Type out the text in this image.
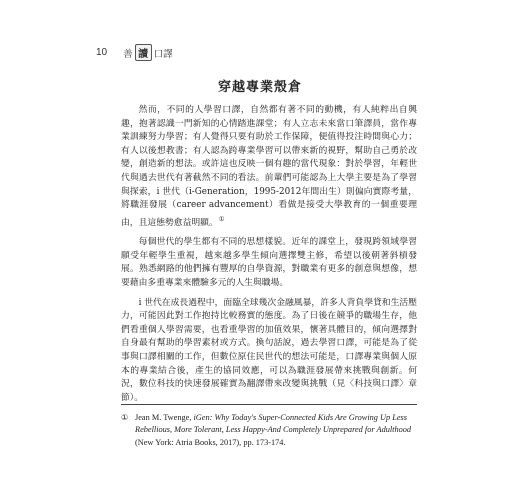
10 善 讀 口譯
穿越專業殼倉

然而，不同的人學習口譯，自然都有著不同的動機，有人純粹出自興趣，抱著認識一門新知的心情踏進課堂；有人立志未來當口筆譯員，當作專業訓練努力學習；有人覺得只要有助於工作保障，便值得投注時間與心力；有人以後想教書；有人認為跨專業學習可以帶來新的視野，幫助自己勇於改變，創造新的想法。或許這也反映一個有趣的當代現象：對於學習，年輕世代與過去世代有著截然不同的看法。前輩們可能認為上大學主要是為了學習與探索，i 世代（i-Generation，1995-2012年間出生）則偏向實際考量，將職涯發展（career advancement）看做是接受大學教育的一個重要理由，且這態勢愈益明顯。①

每個世代的學生都有不同的思想樣貌。近年的課堂上，發現跨領域學習願受年輕學生重視，越來越多學生傾向選擇雙主修，希望以後朝著斜槓發展。熟悉網路的他們擁有豐厚的自學資源，對職業有更多的創意與想像，想要藉由多重專業來體驗多元的人生與職場。

i 世代在成長過程中，面臨全球幾次金融風暴，許多人背負學貸和生活壓力，可能因此對工作抱持比較務實的態度。為了日後在競爭的職場生存，他們看重個人學習需要，也看重學習的加值效果，懷著具體目的，傾向選擇對自身最有幫助的學習素材或方式。換句話說，過去學習口譯，可能是為了從事與口譯相關的工作，但數位原住民世代的想法可能是，口譯專業與個人原本的專業結合後，產生的協同效應，可以為職涯發展帶來挑戰與創新。何況，數位科技的快速發展確實為翻譯帶來改變與挑戰（見〈科技與口譯〉章節）。

① Jean M. Twenge, iGen: Why Today's Super-Connected Kids Are Growing Up Less Rebellious, More Tolerant, Less Happy-And Completely Unprepared for Adulthood (New York: Atria Books, 2017), pp. 173-174.
